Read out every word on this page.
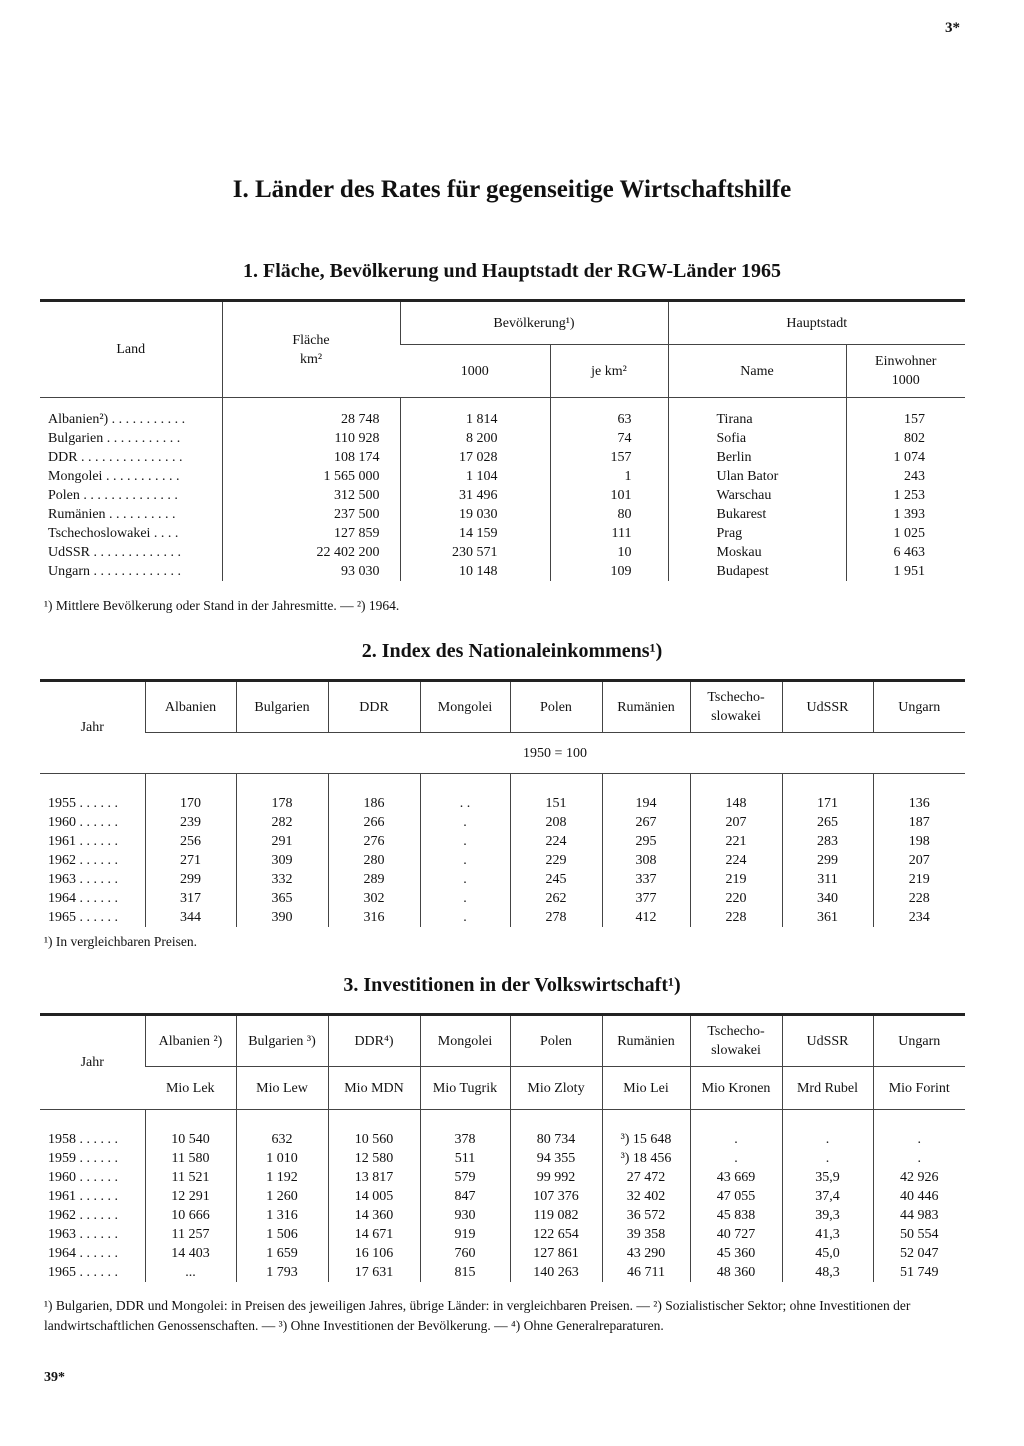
3*
I. Länder des Rates für gegenseitige Wirtschaftshilfe
1. Fläche, Bevölkerung und Hauptstadt der RGW-Länder 1965
Land	Fläche
km²	Bevölkerung¹)		Hauptstadt	
		1000	je km²	Name	Einwohner
1000
Albanien²) . . . . . . . . . . .	28 748	1 814	63	Tirana	157
Bulgarien . . . . . . . . . . .	110 928	8 200	74	Sofia	802
DDR . . . . . . . . . . . . . . .	108 174	17 028	157	Berlin	1 074
Mongolei . . . . . . . . . . .	1 565 000	1 104	1	Ulan Bator	243
Polen . . . . . . . . . . . . . .	312 500	31 496	101	Warschau	1 253
Rumänien . . . . . . . . . .	237 500	19 030	80	Bukarest	1 393
Tschechoslowakei . . . .	127 859	14 159	111	Prag	1 025
UdSSR . . . . . . . . . . . . .	22 402 200	230 571	10	Moskau	6 463
Ungarn . . . . . . . . . . . . .	93 030	10 148	109	Budapest	1 951
¹) Mittlere Bevölkerung oder Stand in der Jahresmitte. — ²) 1964.
2. Index des Nationaleinkommens¹)
Jahr	Albanien	Bulgarien	DDR	Mongolei	Polen	Rumänien	Tschecho-
slowakei	UdSSR	Ungarn
	1950 = 100								
1955 . . . . . .	170	178	186	. .	151	194	148	171	136
1960 . . . . . .	239	282	266	.	208	267	207	265	187
1961 . . . . . .	256	291	276	.	224	295	221	283	198
1962 . . . . . .	271	309	280	.	229	308	224	299	207
1963 . . . . . .	299	332	289	.	245	337	219	311	219
1964 . . . . . .	317	365	302	.	262	377	220	340	228
1965 . . . . . .	344	390	316	.	278	412	228	361	234
¹) In vergleichbaren Preisen.
3. Investitionen in der Volkswirtschaft¹)
Jahr	Albanien ²)	Bulgarien ³)	DDR⁴)	Mongolei	Polen	Rumänien	Tschecho-
slowakei	UdSSR	Ungarn
	Mio Lek	Mio Lew	Mio MDN	Mio Tugrik	Mio Zloty	Mio Lei	Mio Kronen	Mrd Rubel	Mio Forint
1958 . . . . . .	10 540	632	10 560	378	80 734	³) 15 648	.	.	.
1959 . . . . . .	11 580	1 010	12 580	511	94 355	³) 18 456	.	.	.
1960 . . . . . .	11 521	1 192	13 817	579	99 992	27 472	43 669	35,9	42 926
1961 . . . . . .	12 291	1 260	14 005	847	107 376	32 402	47 055	37,4	40 446
1962 . . . . . .	10 666	1 316	14 360	930	119 082	36 572	45 838	39,3	44 983
1963 . . . . . .	11 257	1 506	14 671	919	122 654	39 358	40 727	41,3	50 554
1964 . . . . . .	14 403	1 659	16 106	760	127 861	43 290	45 360	45,0	52 047
1965 . . . . . .	...	1 793	17 631	815	140 263	46 711	48 360	48,3	51 749
¹) Bulgarien, DDR und Mongolei: in Preisen des jeweiligen Jahres, übrige Länder: in vergleichbaren Preisen. — ²) Sozialistischer Sektor; ohne Investitionen der landwirtschaftlichen Genossenschaften. — ³) Ohne Investitionen der Bevölkerung. — ⁴) Ohne Generalreparaturen.
39*
